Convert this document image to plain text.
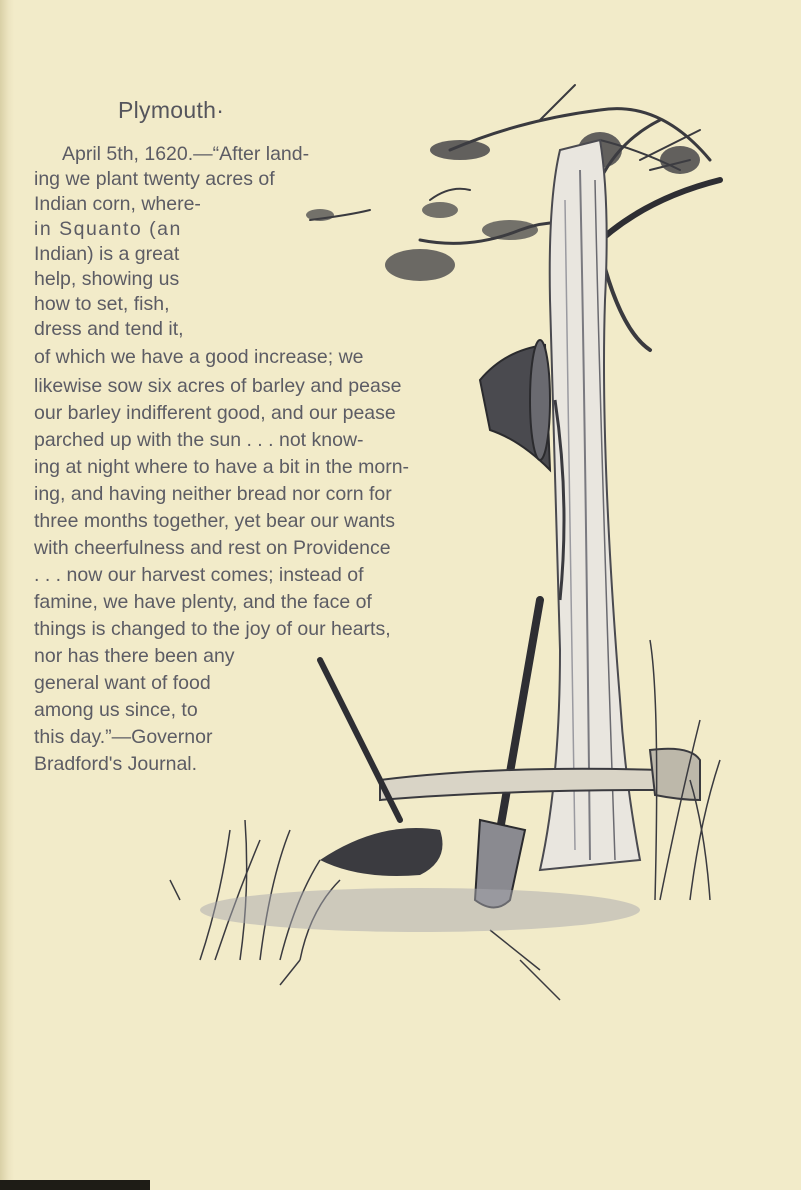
Plymouth·
April 5th, 1620.—“After land-
ing we plant twenty acres of
Indian corn, where-
in Squanto (an
Indian) is a great
help, showing us
how to set, fish,
dress and tend it,
of which we have a good increase; we
likewise sow six acres of barley and pease
our barley indifferent good, and our pease
parched up with the sun . . . not know-
ing at night where to have a bit in the morn-
ing, and having neither bread nor corn for
three months together, yet bear our wants
with cheerfulness and rest on Providence
. . . now our harvest comes; instead of
famine, we have plenty, and the face of
things is changed to the joy of our hearts,
nor has there been any
general want of food
among us since, to
this day.”—Governor
Bradford's Journal.
